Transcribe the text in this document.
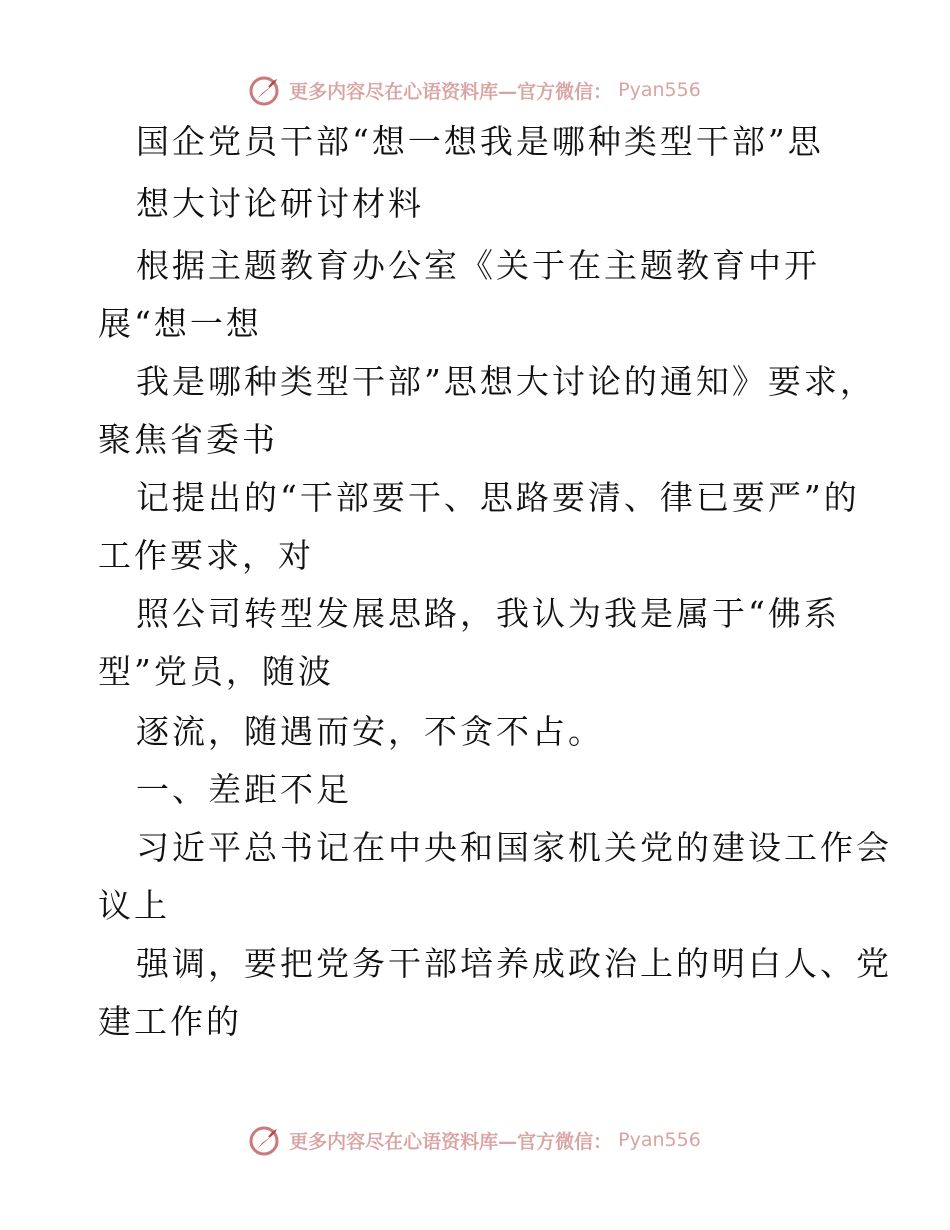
更多内容尽在心语资料库—官方微信： Pyan556
国企党员干部“想一想我是哪种类型干部”思
想大讨论研讨材料
根据主题教育办公室《关于在主题教育中开
展“想一想
我是哪种类型干部”思想大讨论的通知》要求，
聚焦省委书
记提出的“干部要干、思路要清、律已要严”的
工作要求，对
照公司转型发展思路，我认为我是属于“佛系
型”党员，随波
逐流，随遇而安，不贪不占。
一、差距不足
习近平总书记在中央和国家机关党的建设工作会
议上
强调，要把党务干部培养成政治上的明白人、党
建工作的
更多内容尽在心语资料库—官方微信： Pyan556
